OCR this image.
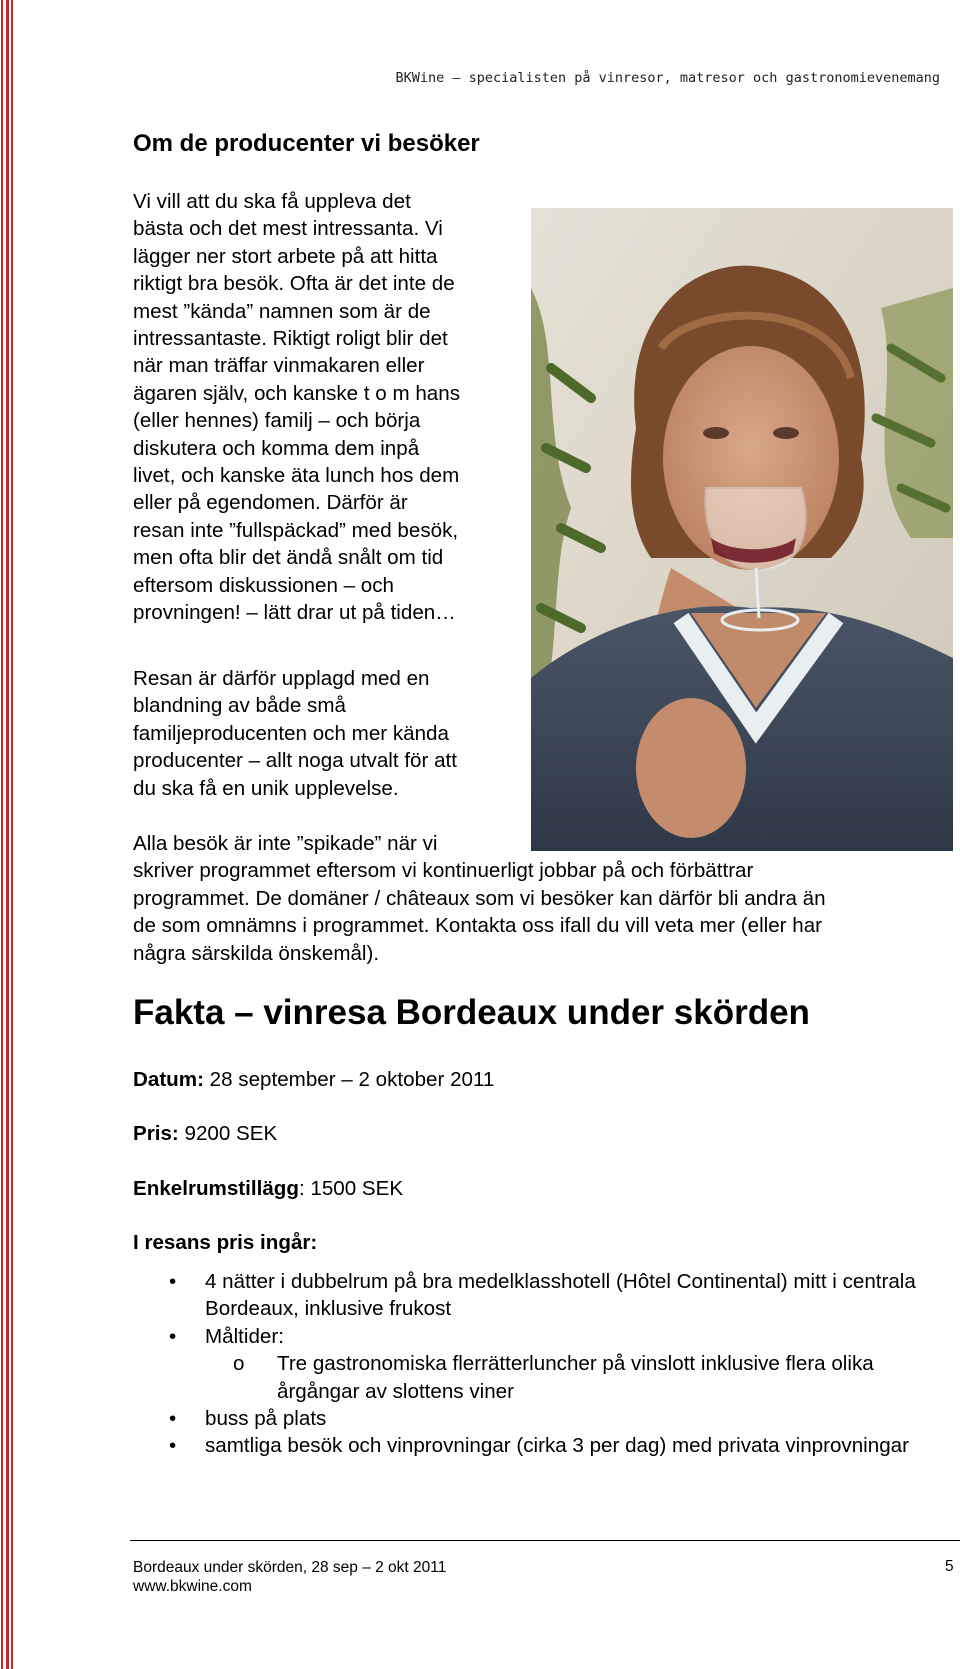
BKWine – specialisten på vinresor, matresor och gastronomievenemang
Om de producenter vi besöker

Vi vill att du ska få uppleva det
bästa och det mest intressanta. Vi
lägger ner stort arbete på att hitta
riktigt bra besök. Ofta är det inte de
mest ”kända” namnen som är de
intressantaste. Riktigt roligt blir det
när man träffar vinmakaren eller
ägaren själv, och kanske t o m hans
(eller hennes) familj – och börja
diskutera och komma dem inpå
livet, och kanske äta lunch hos dem
eller på egendomen. Därför är
resan inte ”fullspäckad” med besök,
men ofta blir det ändå snålt om tid
eftersom diskussionen – och
provningen! – lätt drar ut på tiden…

Resan är därför upplagd med en
blandning av både små
familjeproducenten och mer kända
producenter – allt noga utvalt för att
du ska få en unik upplevelse.

Alla besök är inte ”spikade” när vi
skriver programmet eftersom vi kontinuerligt jobbar på och förbättrar
programmet. De domäner / châteaux som vi besöker kan därför bli andra än
de som omnämns i programmet. Kontakta oss ifall du vill veta mer (eller har
några särskilda önskemål).

Fakta – vinresa Bordeaux under skörden
Datum: 28 september – 2 oktober 2011
Pris: 9200 SEK
Enkelrumstillägg: 1500 SEK
I resans pris ingår:
• 4 nätter i dubbelrum på bra medelklasshotell (Hôtel Continental) mitt i centrala Bordeaux, inklusive frukost
• Måltider:
o Tre gastronomiska flerrätterluncher på vinslott inklusive flera olika årgångar av slottens viner
• buss på plats
• samtliga besök och vinprovningar (cirka 3 per dag) med privata vinprovningar
Bordeaux under skörden, 28 sep – 2 okt 2011
www.bkwine.com
5
